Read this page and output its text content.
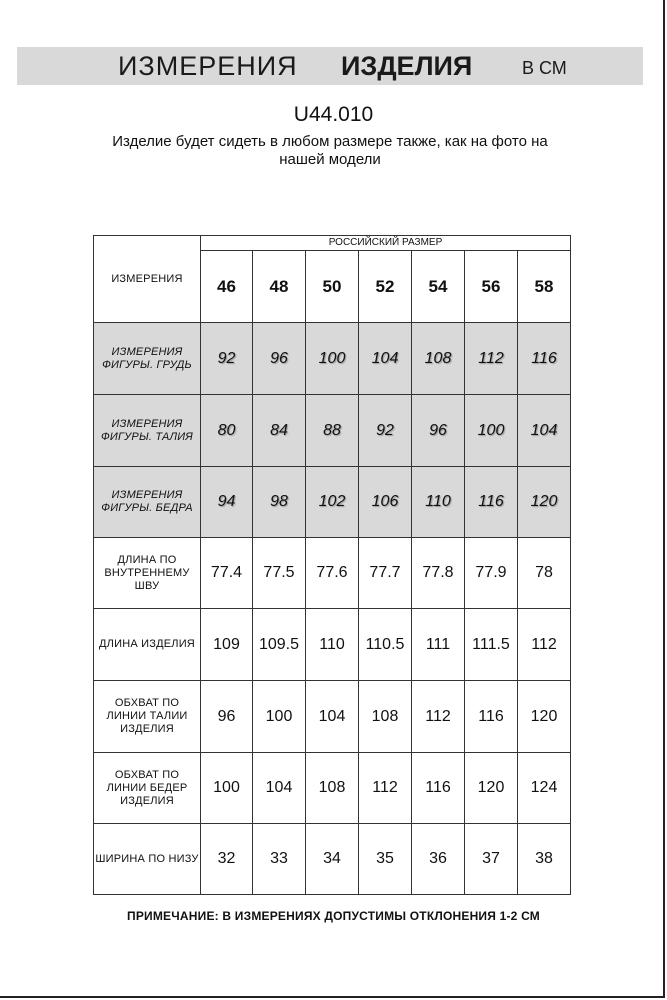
ИЗМЕРЕНИЯ ИЗДЕЛИЯ	В СМ
U44.010
Изделие будет сидеть в любом размере также, как на фото на нашей модели
ИЗМЕРЕНИЯ	РОССИЙСКИЙ РАЗМЕР						
	46	48	50	52	54	56	58
ИЗМЕРЕНИЯ ФИГУРЫ. ГРУДЬ	92	96	100	104	108	112	116
ИЗМЕРЕНИЯ ФИГУРЫ. ТАЛИЯ	80	84	88	92	96	100	104
ИЗМЕРЕНИЯ ФИГУРЫ. БЕДРА	94	98	102	106	110	116	120
ДЛИНА ПО ВНУТРЕННЕМУ ШВУ	77.4	77.5	77.6	77.7	77.8	77.9	78
ДЛИНА ИЗДЕЛИЯ	109	109.5	110	110.5	111	111.5	112
ОБХВАТ ПО ЛИНИИ ТАЛИИ ИЗДЕЛИЯ	96	100	104	108	112	116	120
ОБХВАТ ПО ЛИНИИ БЕДЕР ИЗДЕЛИЯ	100	104	108	112	116	120	124
ШИРИНА ПО НИЗУ	32	33	34	35	36	37	38
ПРИМЕЧАНИЕ: В ИЗМЕРЕНИЯХ ДОПУСТИМЫ ОТКЛОНЕНИЯ 1-2 СМ
